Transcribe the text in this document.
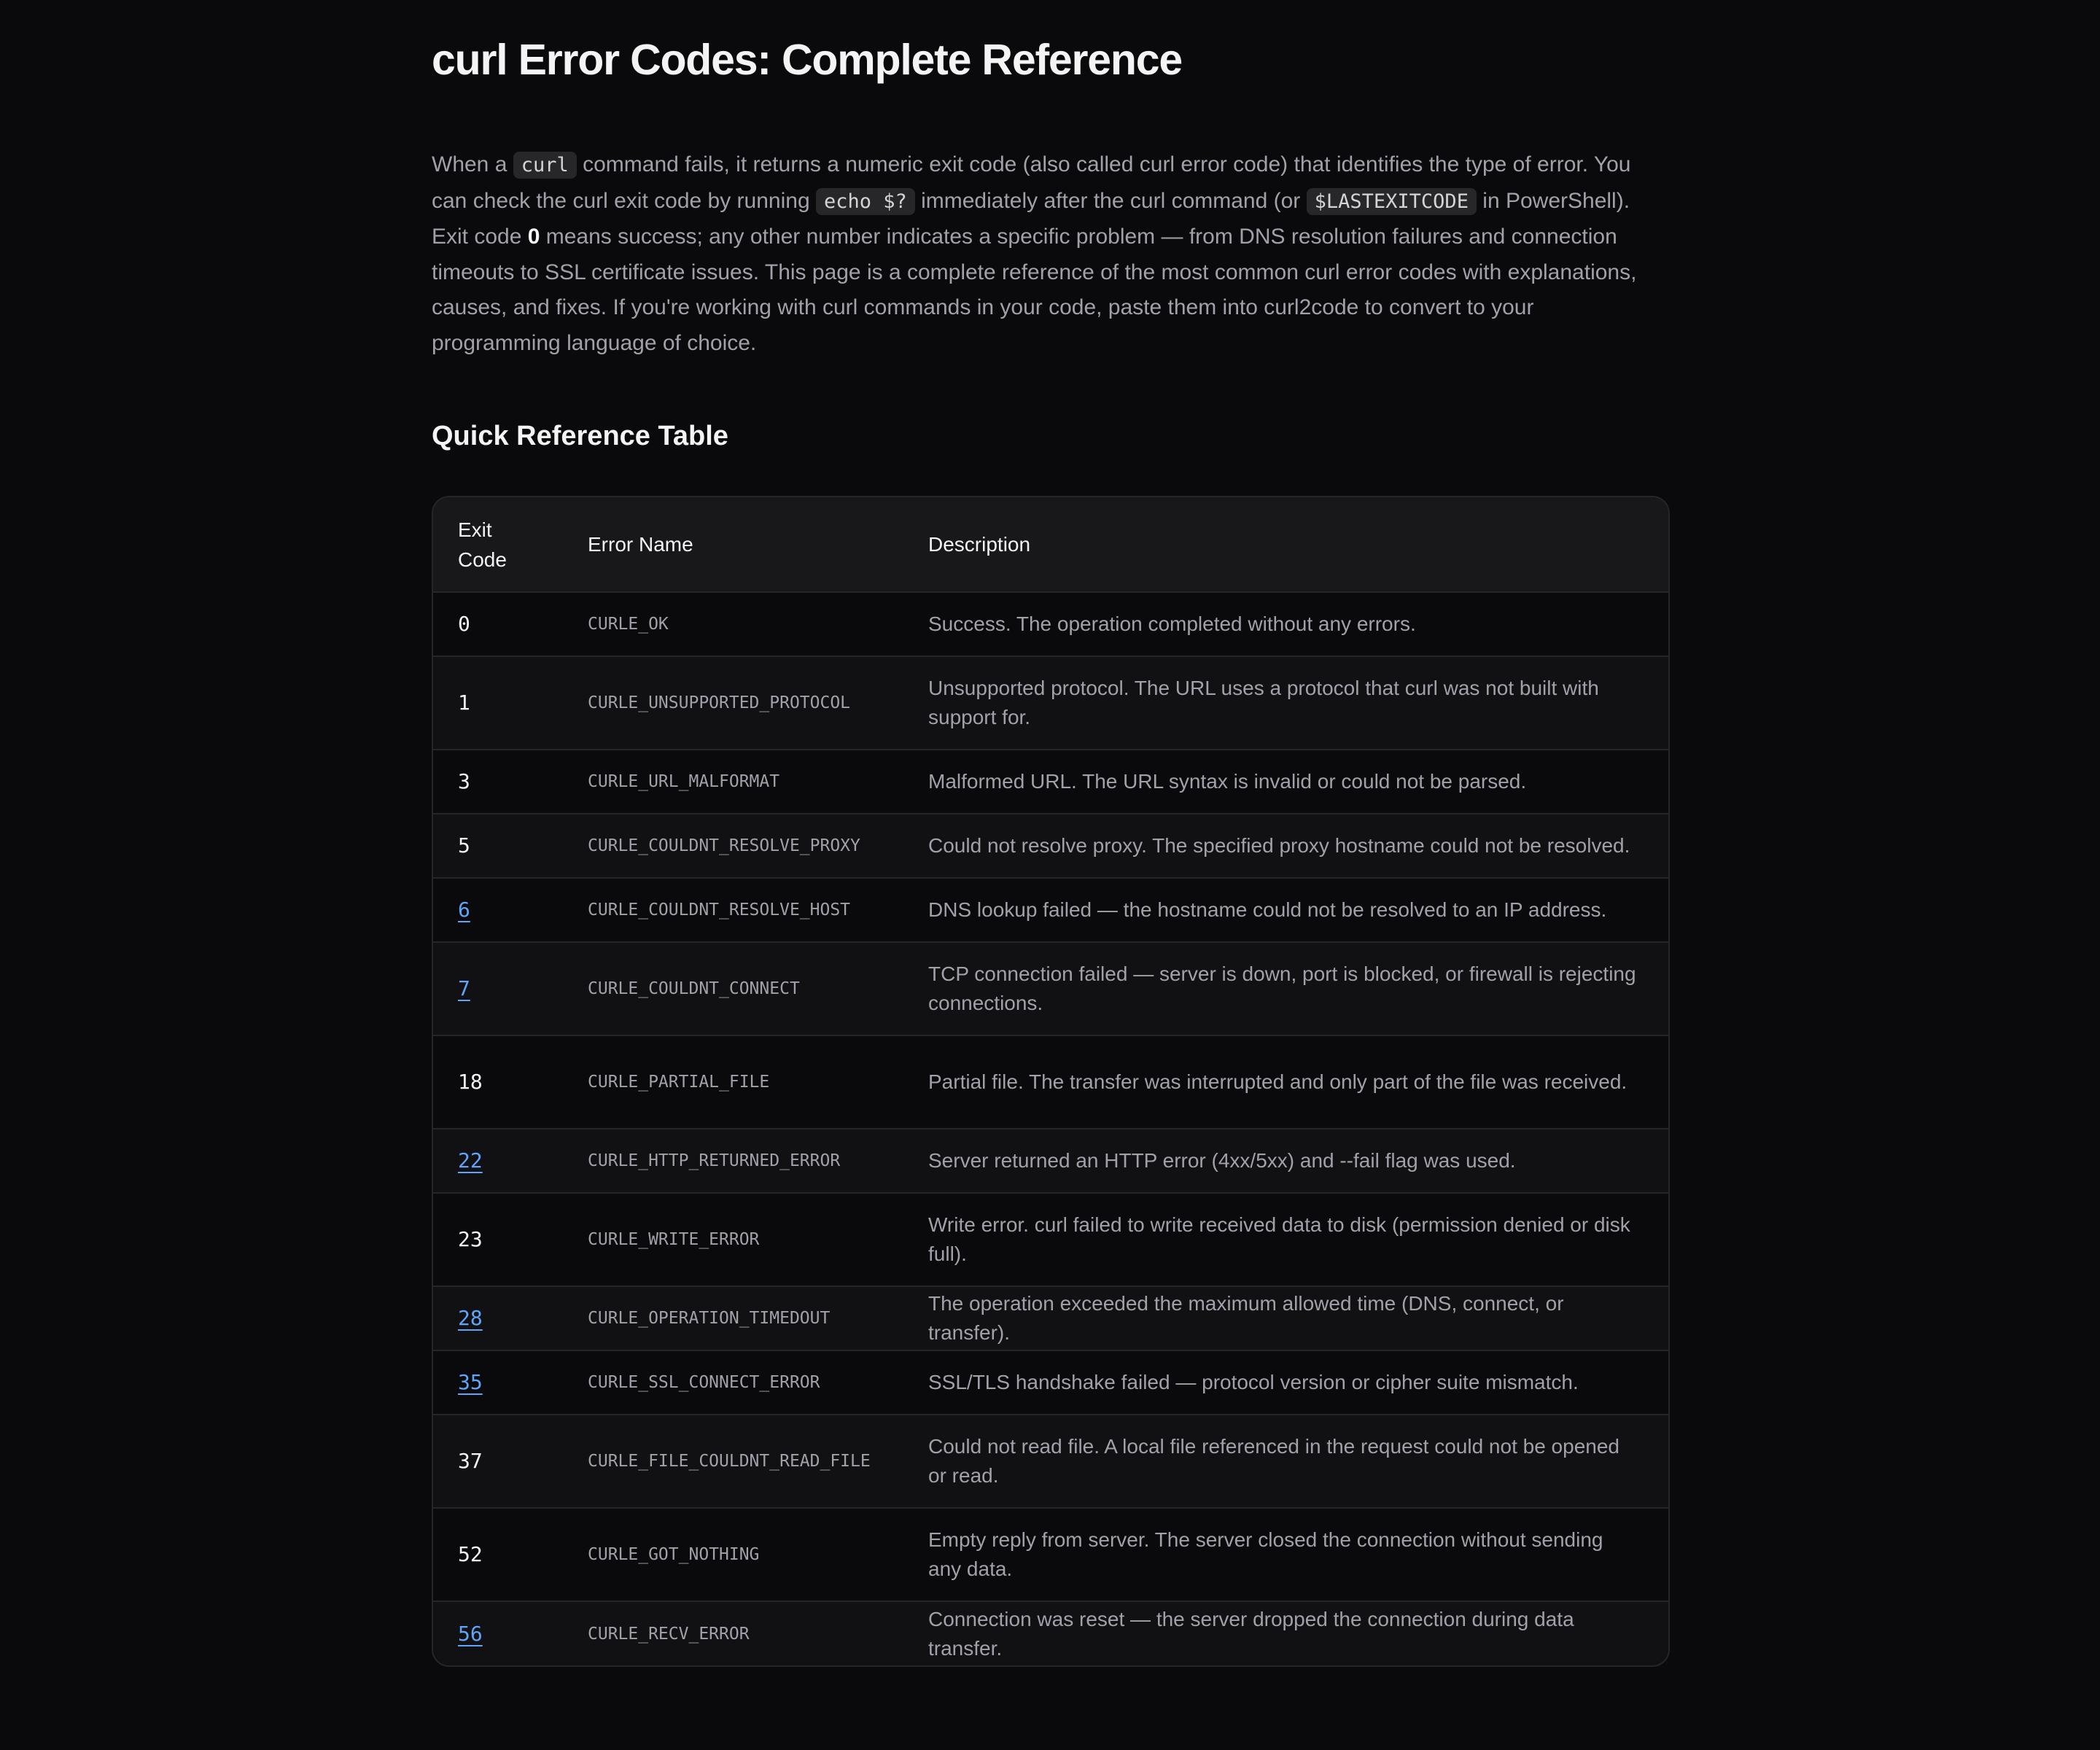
curl Error Codes: Complete Reference

When a curl command fails, it returns a numeric exit code (also called curl error code) that identifies the type of error. You can check the curl exit code by running echo $? immediately after the curl command (or $LASTEXITCODE in PowerShell). Exit code 0 means success; any other number indicates a specific problem — from DNS resolution failures and connection timeouts to SSL certificate issues. This page is a complete reference of the most common curl error codes with explanations, causes, and fixes. If you're working with curl commands in your code, paste them into curl2code to convert to your programming language of choice.

Quick Reference Table
Exit Code	Error Name	Description
0	CURLE_OK	Success. The operation completed without any errors.
1	CURLE_UNSUPPORTED_PROTOCOL	Unsupported protocol. The URL uses a protocol that curl was not built with support for.
3	CURLE_URL_MALFORMAT	Malformed URL. The URL syntax is invalid or could not be parsed.
5	CURLE_COULDNT_RESOLVE_PROXY	Could not resolve proxy. The specified proxy hostname could not be resolved.
6	CURLE_COULDNT_RESOLVE_HOST	DNS lookup failed — the hostname could not be resolved to an IP address.
7	CURLE_COULDNT_CONNECT	TCP connection failed — server is down, port is blocked, or firewall is rejecting connections.
18	CURLE_PARTIAL_FILE	Partial file. The transfer was interrupted and only part of the file was received.
22	CURLE_HTTP_RETURNED_ERROR	Server returned an HTTP error (4xx/5xx) and --fail flag was used.
23	CURLE_WRITE_ERROR	Write error. curl failed to write received data to disk (permission denied or disk full).
28	CURLE_OPERATION_TIMEDOUT	The operation exceeded the maximum allowed time (DNS, connect, or transfer).
35	CURLE_SSL_CONNECT_ERROR	SSL/TLS handshake failed — protocol version or cipher suite mismatch.
37	CURLE_FILE_COULDNT_READ_FILE	Could not read file. A local file referenced in the request could not be opened or read.
52	CURLE_GOT_NOTHING	Empty reply from server. The server closed the connection without sending any data.
56	CURLE_RECV_ERROR	Connection was reset — the server dropped the connection during data transfer.
